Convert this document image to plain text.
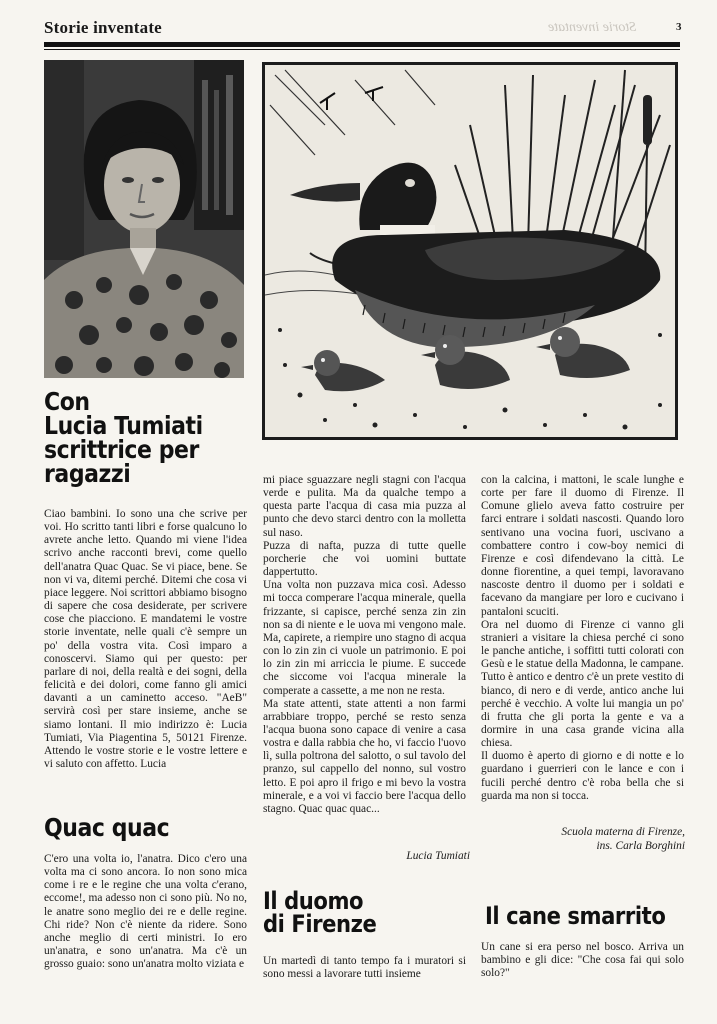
Storie inventate	Storie inventate	3
Con
Lucia Tumiati
scrittrice per
ragazzi

Ciao bambini. Io sono una che scrive per voi. Ho scritto tanti libri e forse qualcuno lo avrete anche letto. Quando mi viene l'idea scrivo anche racconti brevi, come quello dell'anatra Quac Quac. Se vi piace, bene. Se non vi va, ditemi perché. Ditemi che cosa vi piace leggere. Noi scrittori abbiamo bisogno di sapere che cosa desiderate, per scrivere cose che piacciono. E mandatemi le vostre storie inventate, nelle quali c'è sempre un po' della vostra vita. Così imparo a conoscervi. Siamo qui per questo: per parlare di noi, della realtà e dei sogni, della felicità e dei dolori, come fanno gli amici davanti a un caminetto acceso. "AeB" servirà così per stare insieme, anche se siamo lontani. Il mio indirizzo è: Lucia Tumiati, Via Piagentina 5, 50121 Firenze. Attendo le vostre storie e le vostre lettere e vi saluto con affetto. Lucia

Quac quac

C'ero una volta io, l'anatra. Dico c'ero una volta ma ci sono ancora. Io non sono mica come i re e le regine che una volta c'erano, eccome!, ma adesso non ci sono più. No no, le anatre sono meglio dei re e delle regine. Chi ride? Non c'è niente da ridere. Sono anche meglio di certi ministri. Io ero un'anatra, e sono un'anatra. Ma c'è un grosso guaio: sono un'anatra molto viziata e

mi piace sguazzare negli stagni con l'acqua verde e pulita. Ma da qualche tempo a questa parte l'acqua di casa mia puzza al punto che devo starci dentro con la molletta sul naso.

Puzza di nafta, puzza di tutte quelle porcherie che voi uomini buttate dappertutto.

Una volta non puzzava mica così. Adesso mi tocca comperare l'acqua minerale, quella frizzante, si capisce, perché senza zin zin non sa di niente e le uova mi vengono male. Ma, capirete, a riempire uno stagno di acqua con lo zin zin ci vuole un patrimonio. E poi lo zin zin mi arriccia le piume. E succede che siccome voi l'acqua minerale la comperate a cassette, a me non ne resta.

Ma state attenti, state attenti a non farmi arrabbiare troppo, perché se resto senza l'acqua buona sono capace di venire a casa vostra e dalla rabbia che ho, vi faccio l'uovo lì, sulla poltrona del salotto, o sul tavolo del pranzo, sul cappello del nonno, sul vostro letto. E poi apro il frigo e mi bevo la vostra minerale, e a voi vi faccio bere l'acqua dello stagno. Quac quac quac...

Lucia Tumiati

con la calcina, i mattoni, le scale lunghe e corte per fare il duomo di Firenze. Il Comune glielo aveva fatto costruire per farci entrare i soldati nascosti. Quando loro sentivano una vocina fuori, uscivano a combattere contro i cow-boy nemici di Firenze e così difendevano la città. Le donne fiorentine, a quei tempi, lavoravano nascoste dentro il duomo per i soldati e facevano da mangiare per loro e cucivano i pantaloni scuciti.

Ora nel duomo di Firenze ci vanno gli stranieri a visitare la chiesa perché ci sono le panche antiche, i soffitti tutti colorati con Gesù e le statue della Madonna, le campane.

Tutto è antico e dentro c'è un prete vestito di bianco, di nero e di verde, antico anche lui perché è vecchio. A volte lui mangia un po' di frutta che gli porta la gente e va a dormire in una casa grande vicina alla chiesa.

Il duomo è aperto di giorno e di notte e lo guardano i guerrieri con le lance e con i fucili perché dentro c'è roba bella che si guarda ma non si tocca.

Scuola materna di Firenze,
ins. Carla Borghini
Il duomo
di Firenze

Un martedì di tanto tempo fa i muratori si sono messi a lavorare tutti insieme

Il cane smarrito

Un cane si era perso nel bosco. Arriva un bambino e gli dice: "Che cosa fai qui solo solo?"
